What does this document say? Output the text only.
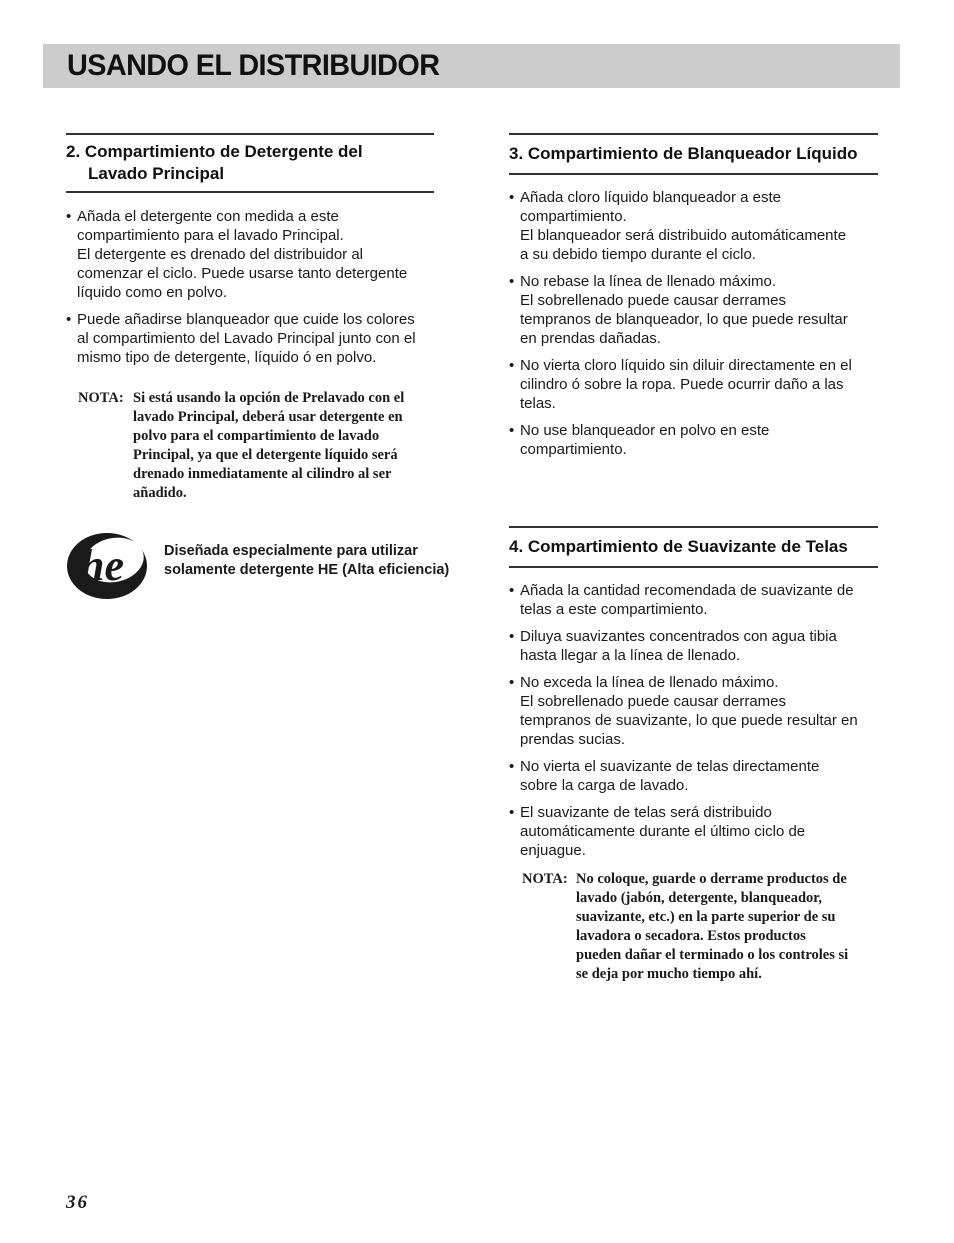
USANDO EL DISTRIBUIDOR
2. Compartimiento de Detergente del
Lavado Principal
• Añada el detergente con medida a este
compartimiento para el lavado Principal.
El detergente es drenado del distribuidor al
comenzar el ciclo. Puede usarse tanto detergente
líquido como en polvo.
• Puede añadirse blanqueador que cuide los colores
al compartimiento del Lavado Principal junto con el
mismo tipo de detergente, líquido ó en polvo.
NOTA: Si está usando la opción de Prelavado con el
lavado Principal, deberá usar detergente en
polvo para el compartimiento de lavado
Principal, ya que el detergente líquido será
drenado inmediatamente al cilindro al ser
añadido.
he	Diseñada especialmente para utilizar
solamente detergente HE (Alta eficiencia)
3. Compartimiento de Blanqueador Líquido
• Añada cloro líquido blanqueador a este
compartimiento.
El blanqueador será distribuido automáticamente
a su debido tiempo durante el ciclo.
• No rebase la línea de llenado máximo.
El sobrellenado puede causar derrames
tempranos de blanqueador, lo que puede resultar
en prendas dañadas.
• No vierta cloro líquido sin diluir directamente en el
cilindro ó sobre la ropa. Puede ocurrir daño a las
telas.
• No use blanqueador en polvo en este
compartimiento.
4. Compartimiento de Suavizante de Telas
• Añada la cantidad recomendada de suavizante de
telas a este compartimiento.
• Diluya suavizantes concentrados con agua tibia
hasta llegar a la línea de llenado.
• No exceda la línea de llenado máximo.
El sobrellenado puede causar derrames
tempranos de suavizante, lo que puede resultar en
prendas sucias.
• No vierta el suavizante de telas directamente
sobre la carga de lavado.
• El suavizante de telas será distribuido
automáticamente durante el último ciclo de
enjuague.
NOTA: No coloque, guarde o derrame productos de
lavado (jabón, detergente, blanqueador,
suavizante, etc.) en la parte superior de su
lavadora o secadora. Estos productos
pueden dañar el terminado o los controles si
se deja por mucho tiempo ahí.
36
